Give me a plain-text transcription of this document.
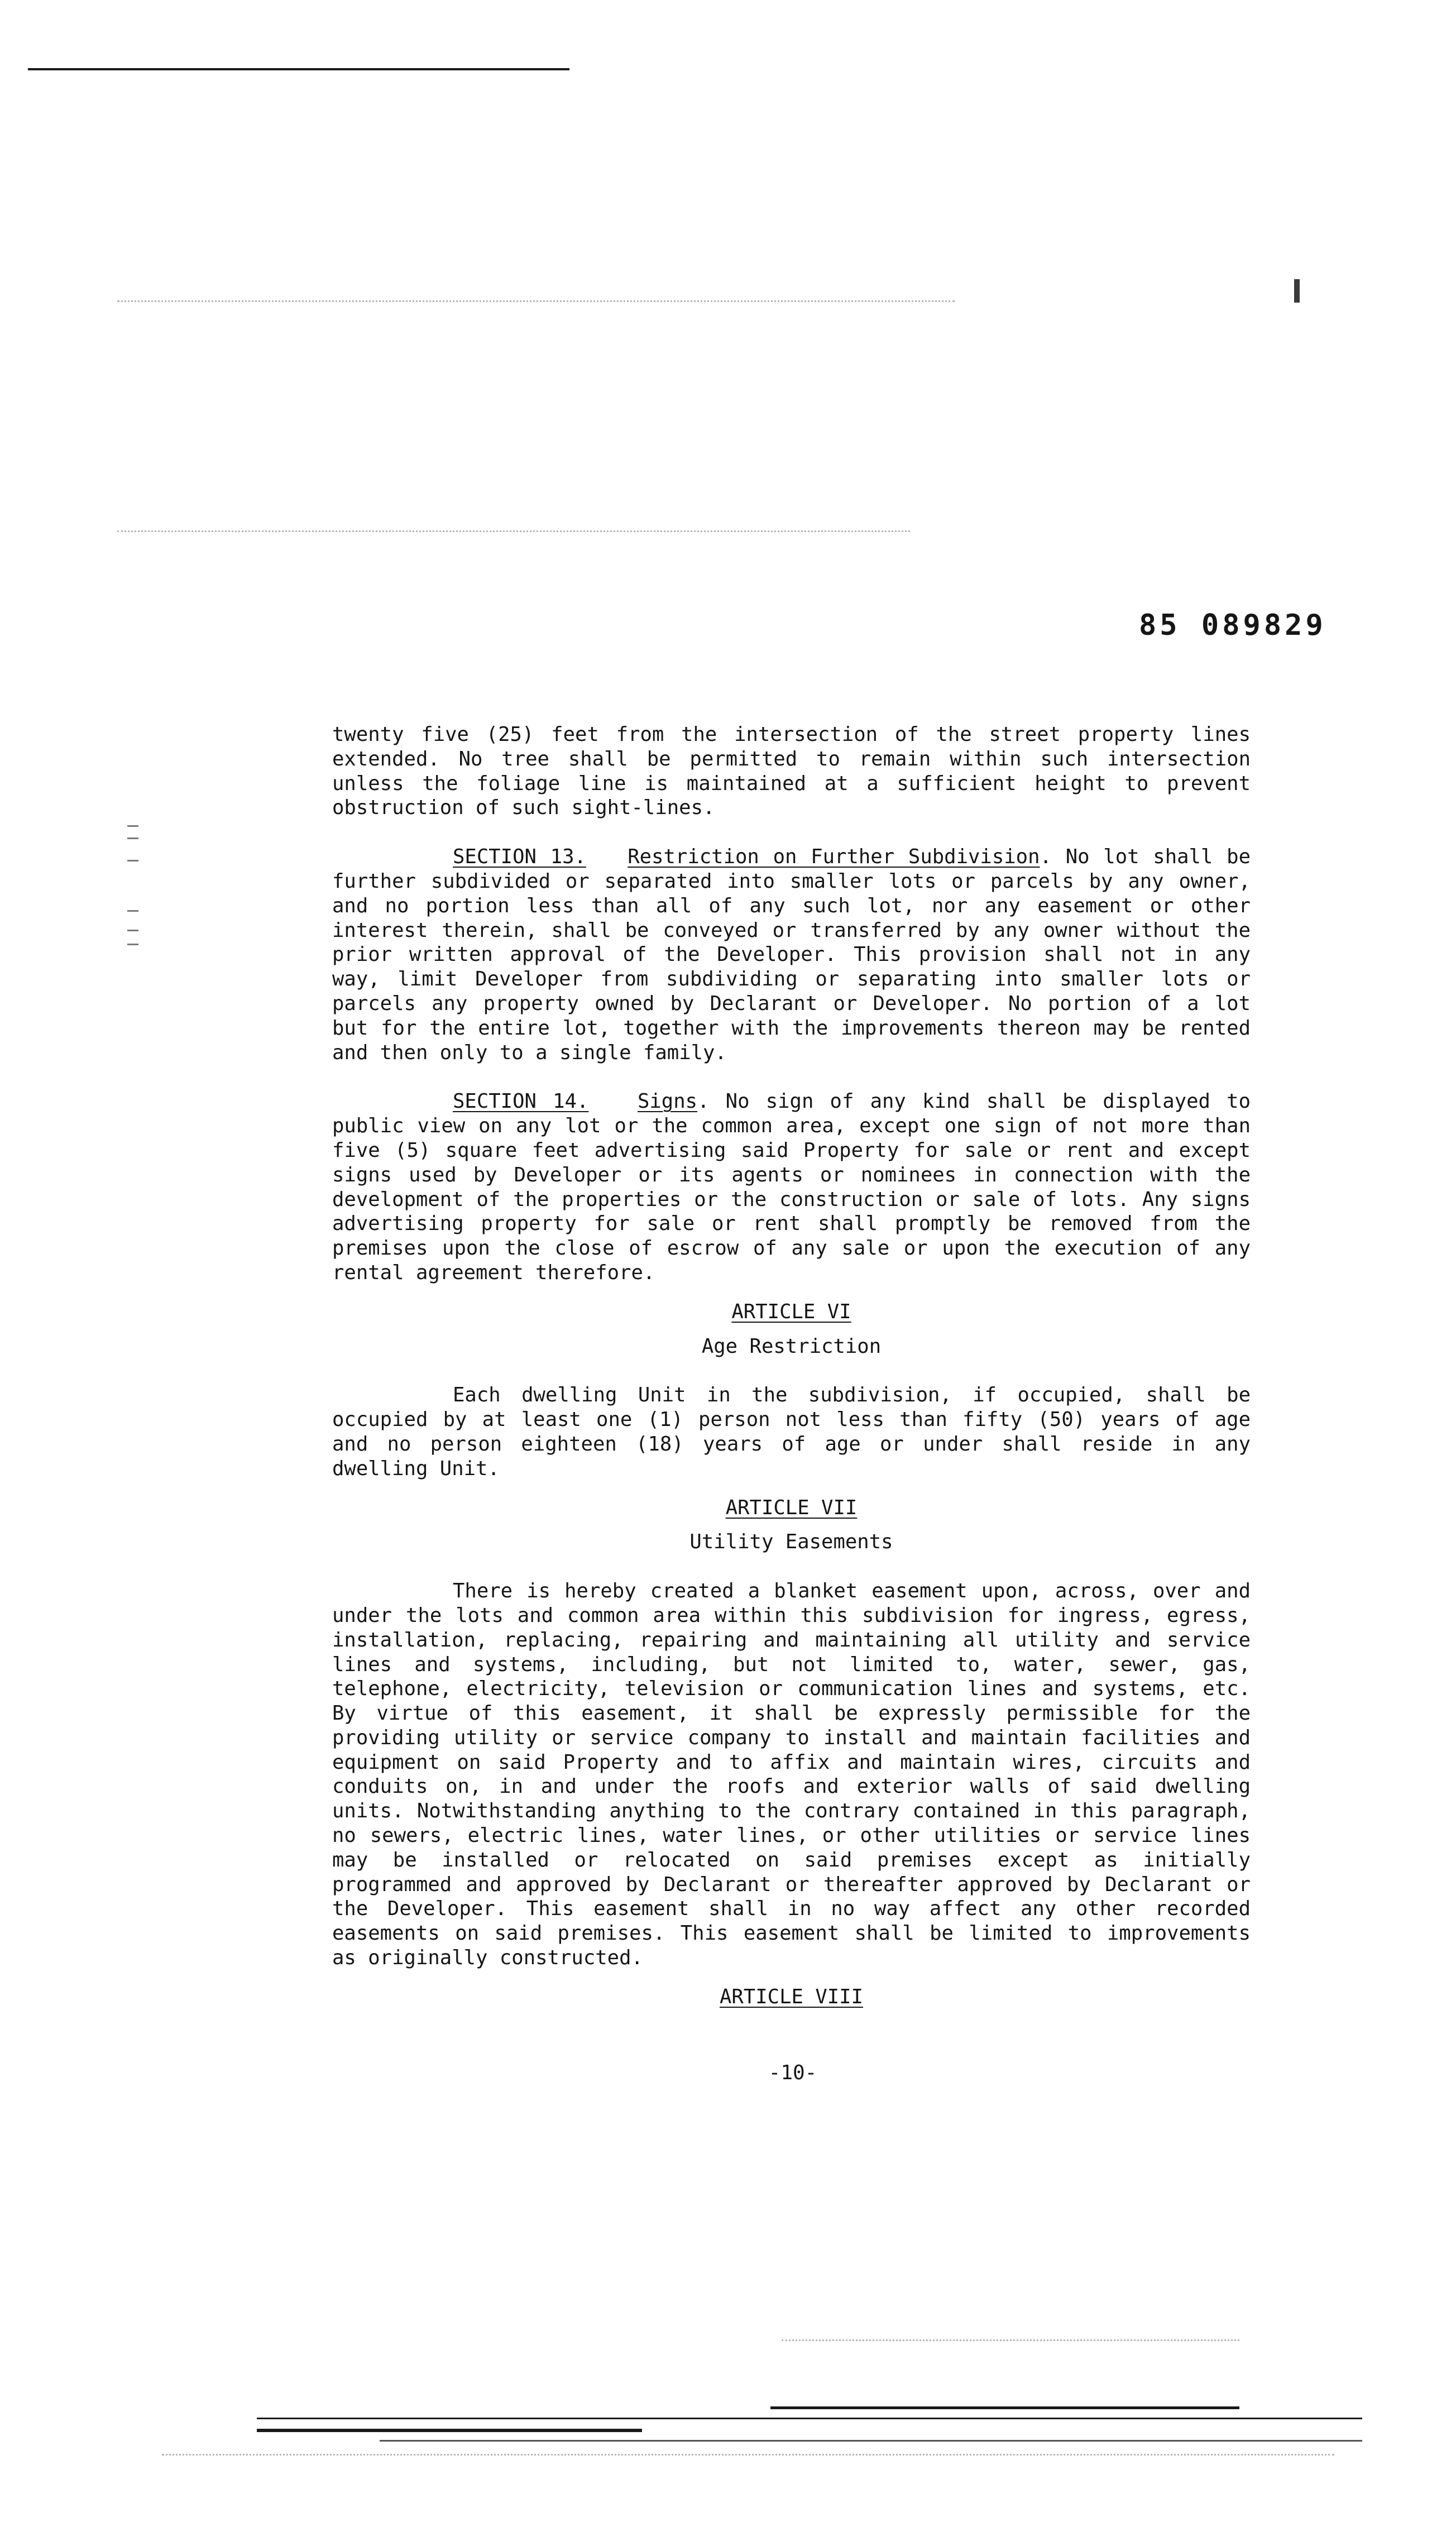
85 089829

twenty five (25) feet from the intersection of the street property lines extended. No tree shall be permitted to remain within such intersection unless the foliage line is maintained at a sufficient height to prevent obstruction of such sight-lines.

SECTION 13. Restriction on Further Subdivision. No lot shall be further subdivided or separated into smaller lots or parcels by any owner, and no portion less than all of any such lot, nor any easement or other interest therein, shall be conveyed or transferred by any owner without the prior written approval of the Developer. This provision shall not in any way, limit Developer from subdividing or separating into smaller lots or parcels any property owned by Declarant or Developer. No portion of a lot but for the entire lot, together with the improvements thereon may be rented and then only to a single family.

SECTION 14. Signs. No sign of any kind shall be displayed to public view on any lot or the common area, except one sign of not more than five (5) square feet advertising said Property for sale or rent and except signs used by Developer or its agents or nominees in connection with the development of the properties or the construction or sale of lots. Any signs advertising property for sale or rent shall promptly be removed from the premises upon the close of escrow of any sale or upon the execution of any rental agreement therefore.

ARTICLE VI

Age Restriction

Each dwelling Unit in the subdivision, if occupied, shall be occupied by at least one (1) person not less than fifty (50) years of age and no person eighteen (18) years of age or under shall reside in any dwelling Unit.

ARTICLE VII

Utility Easements

There is hereby created a blanket easement upon, across, over and under the lots and common area within this subdivision for ingress, egress, installation, replacing, repairing and maintaining all utility and service lines and systems, including, but not limited to, water, sewer, gas, telephone, electricity, television or communication lines and systems, etc. By virtue of this easement, it shall be expressly permissible for the providing utility or service company to install and maintain facilities and equipment on said Property and to affix and maintain wires, circuits and conduits on, in and under the roofs and exterior walls of said dwelling units. Notwithstanding anything to the contrary contained in this paragraph, no sewers, electric lines, water lines, or other utilities or service lines may be installed or relocated on said premises except as initially programmed and approved by Declarant or thereafter approved by Declarant or the Developer. This easement shall in no way affect any other recorded easements on said premises. This easement shall be limited to improvements as originally constructed.

ARTICLE VIII

-10-
